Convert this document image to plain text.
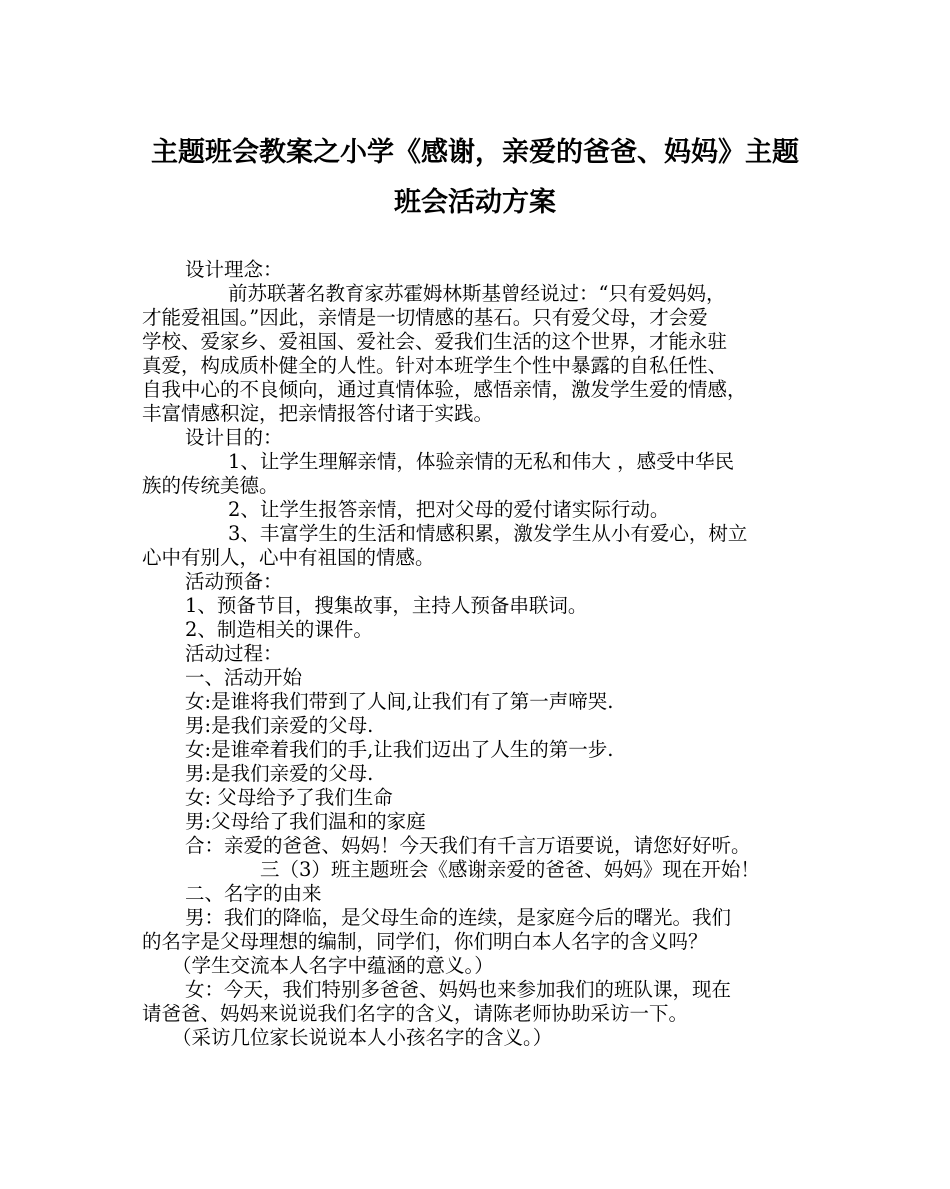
主题班会教案之小学《感谢，亲爱的爸爸、妈妈》主题
班会活动方案
设计理念：
前苏联著名教育家苏霍姆林斯基曾经说过：“只有爱妈妈，
才能爱祖国。”因此，亲情是一切情感的基石。只有爱父母，才会爱
学校、爱家乡、爱祖国、爱社会、爱我们生活的这个世界，才能永驻
真爱，构成质朴健全的人性。针对本班学生个性中暴露的自私任性、
自我中心的不良倾向，通过真情体验，感悟亲情，激发学生爱的情感，
丰富情感积淀，把亲情报答付诸于实践。
设计目的：
1、让学生理解亲情，体验亲情的无私和伟大 ，感受中华民
族的传统美德。
2、让学生报答亲情，把对父母的爱付诸实际行动。
3、丰富学生的生活和情感积累，激发学生从小有爱心，树立
心中有别人，心中有祖国的情感。
活动预备：
1、预备节目，搜集故事，主持人预备串联词。
2、制造相关的课件。
活动过程：
一、活动开始
女:是谁将我们带到了人间,让我们有了第一声啼哭.
男:是我们亲爱的父母.
女:是谁牵着我们的手,让我们迈出了人生的第一步.
男:是我们亲爱的父母.
女: 父母给予了我们生命
男:父母给了我们温和的家庭
合：亲爱的爸爸、妈妈！今天我们有千言万语要说，请您好好听。
三（3）班主题班会《感谢亲爱的爸爸、妈妈》现在开始！
二、名字的由来
男：我们的降临，是父母生命的连续，是家庭今后的曙光。我们
的名字是父母理想的编制，同学们，你们明白本人名字的含义吗？
（学生交流本人名字中蕴涵的意义。）
女：今天，我们特别多爸爸、妈妈也来参加我们的班队课，现在
请爸爸、妈妈来说说我们名字的含义，请陈老师协助采访一下。
（采访几位家长说说本人小孩名字的含义。）
